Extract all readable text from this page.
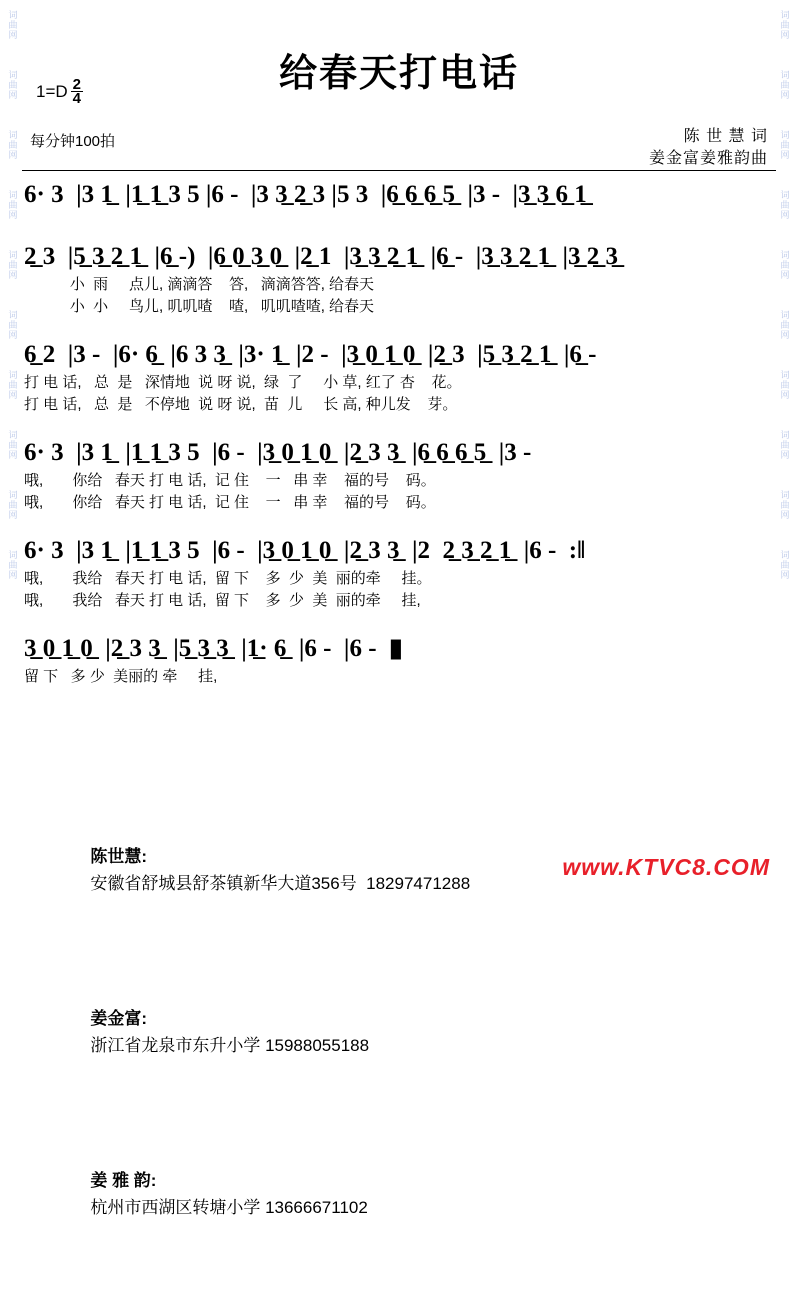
词
曲
网
词
曲
网
词
曲
网
词
曲
网
词
曲
网
词
曲
网
词
曲
网
词
曲
网
词
曲
网
词
曲
网
词
曲
网
词
曲
网
词
曲
网
词
曲
网
词
曲
网
词
曲
网
词
曲
网
词
曲
网
词
曲
网
词
曲
网
给春天打电话
$1=D \frac{2}{4}$
每分钟100拍	陈 世 慧 词
姜金富姜雅韵曲
6· 3  |3 1̲  |1̲ 1̲ 3 5 |6 -  |3 3̲ 2̲ 3 |5 3  |6̲ 6̲ 6̲ 5̲  |3 -  |3̲ 3̲ 6̲ 1̲
2̲ 3  |5̲ 3̲ 2̲ 1̲  |6̲ -)  |6̲ 0̲ 3̲ 0̲  |2̲ 1  |3̲ 3̲ 2̲ 1̲  |6̲ -  |3̲ 3̲ 2̲ 1̲  |3̲ 2̲ 3̲
小  雨     点儿, 滴滴答    答,   滴滴答答, 给春天
小  小     鸟儿, 叽叽喳    喳,   叽叽喳喳, 给春天
6̲ 2  |3 -  |6· 6̲  |6 3 3̲  |3· 1̲  |2 -  |3̲ 0̲ 1̲ 0̲  |2̲ 3  |5̲ 3̲ 2̲ 1̲  |6̲ -
打 电 话,   总  是   深情地  说 呀 说,  绿  了     小 草, 红了 杏    花。
打 电 话,   总  是   不停地  说 呀 说,  苗  儿     长 高, 种儿发    芽。
6· 3  |3 1̲  |1̲ 1̲ 3 5  |6 -  |3̲ 0̲ 1̲ 0̲  |2̲ 3 3̲  |6̲ 6̲ 6̲ 5̲  |3 -
哦,       你给   春天 打 电 话,  记 住    一   串 幸    福的号    码。
哦,       你给   春天 打 电 话,  记 住    一   串 幸    福的号    码。
6· 3  |3 1̲  |1̲ 1̲ 3 5  |6 -  |3̲ 0̲ 1̲ 0̲  |2̲ 3 3̲  |2  2̲ 3̲ 2̲ 1̲  |6 -  :‖
哦,       我给   春天 打 电 话,  留 下    多  少  美  丽的牵     挂。
哦,       我给   春天 打 电 话,  留 下    多  少  美  丽的牵     挂,
3̲ 0̲ 1̲ 0̲  |2̲ 3 3̲  |5̲ 3̲ 3̲  |1̲· 6̲  |6 -  |6 -  ▮
留 下   多 少  美丽的 牵     挂,

陈世慧:
安徽省舒城县舒茶镇新华大道356号  18297471288

姜金富:
浙江省龙泉市东升小学 15988055188

姜 雅 韵:
杭州市西湖区转塘小学 13666671102

www.KTVC8.COM
